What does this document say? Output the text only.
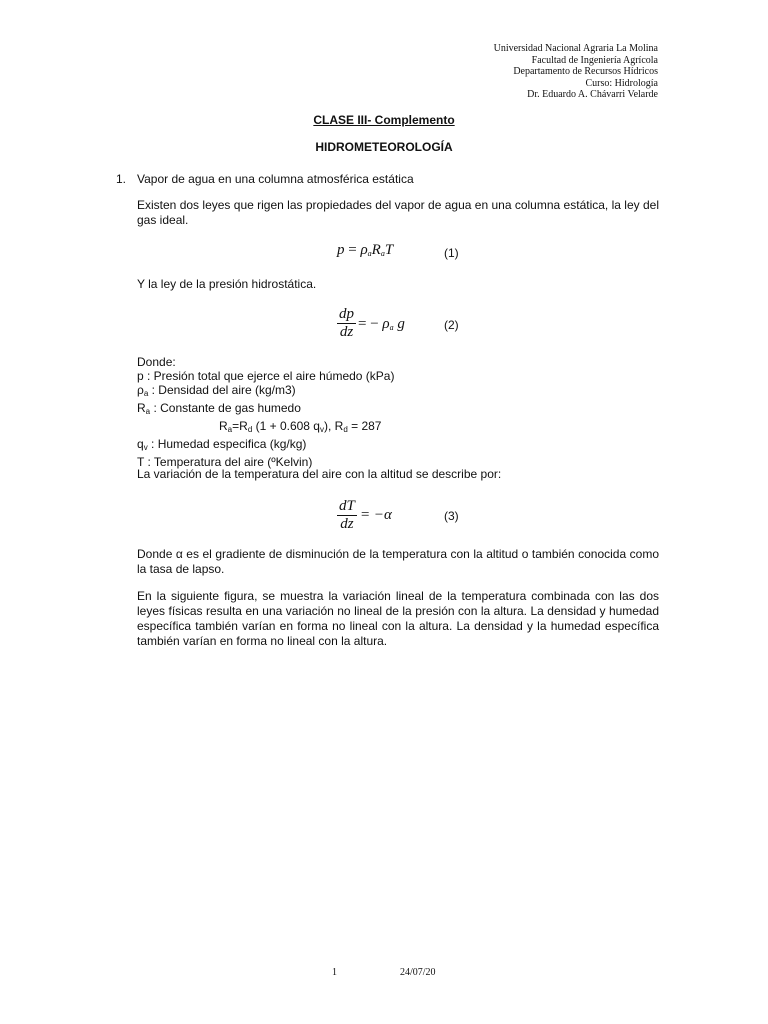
Universidad Nacional Agraria La Molina
Facultad de Ingeniería Agrícola
Departamento de Recursos Hídricos
Curso: Hidrología
Dr. Eduardo A. Chávarri Velarde
CLASE III- Complemento
HIDROMETEOROLOGÍA
1. Vapor de agua en una columna atmosférica estática
Existen dos leyes que rigen las propiedades del vapor de agua en una columna estática, la ley del gas ideal.
$p = \rho_aR_aT$	(1)
Y la ley de la presión hidrostática.
dp
dz = − $\rho_a$ g	(2)
Donde:
p : Presión total que ejerce el aire húmedo (kPa)
$\rho_a$ : Densidad del aire (kg/m3)
$R_a$ : Constante de gas humedo
$R_a=R_d$ (1 + 0.608 $q_v$), $R_d = 287$
$q_v$ : Humedad especifica (kg/kg)
T : Temperatura del aire (ºKelvin)
La variación de la temperatura del aire con la altitud se describe por:
dT
dz
= −α	(3)
Donde α es el gradiente de disminución de la temperatura con la altitud o también conocida como la tasa de lapso.
En la siguiente figura, se muestra la variación lineal de la temperatura combinada con las dos leyes físicas resulta en una variación no lineal de la presión con la altura. La densidad y humedad específica también varían en forma no lineal con la altura. La densidad y la humedad específica también varían en forma no lineal con la altura.
1	24/07/20
